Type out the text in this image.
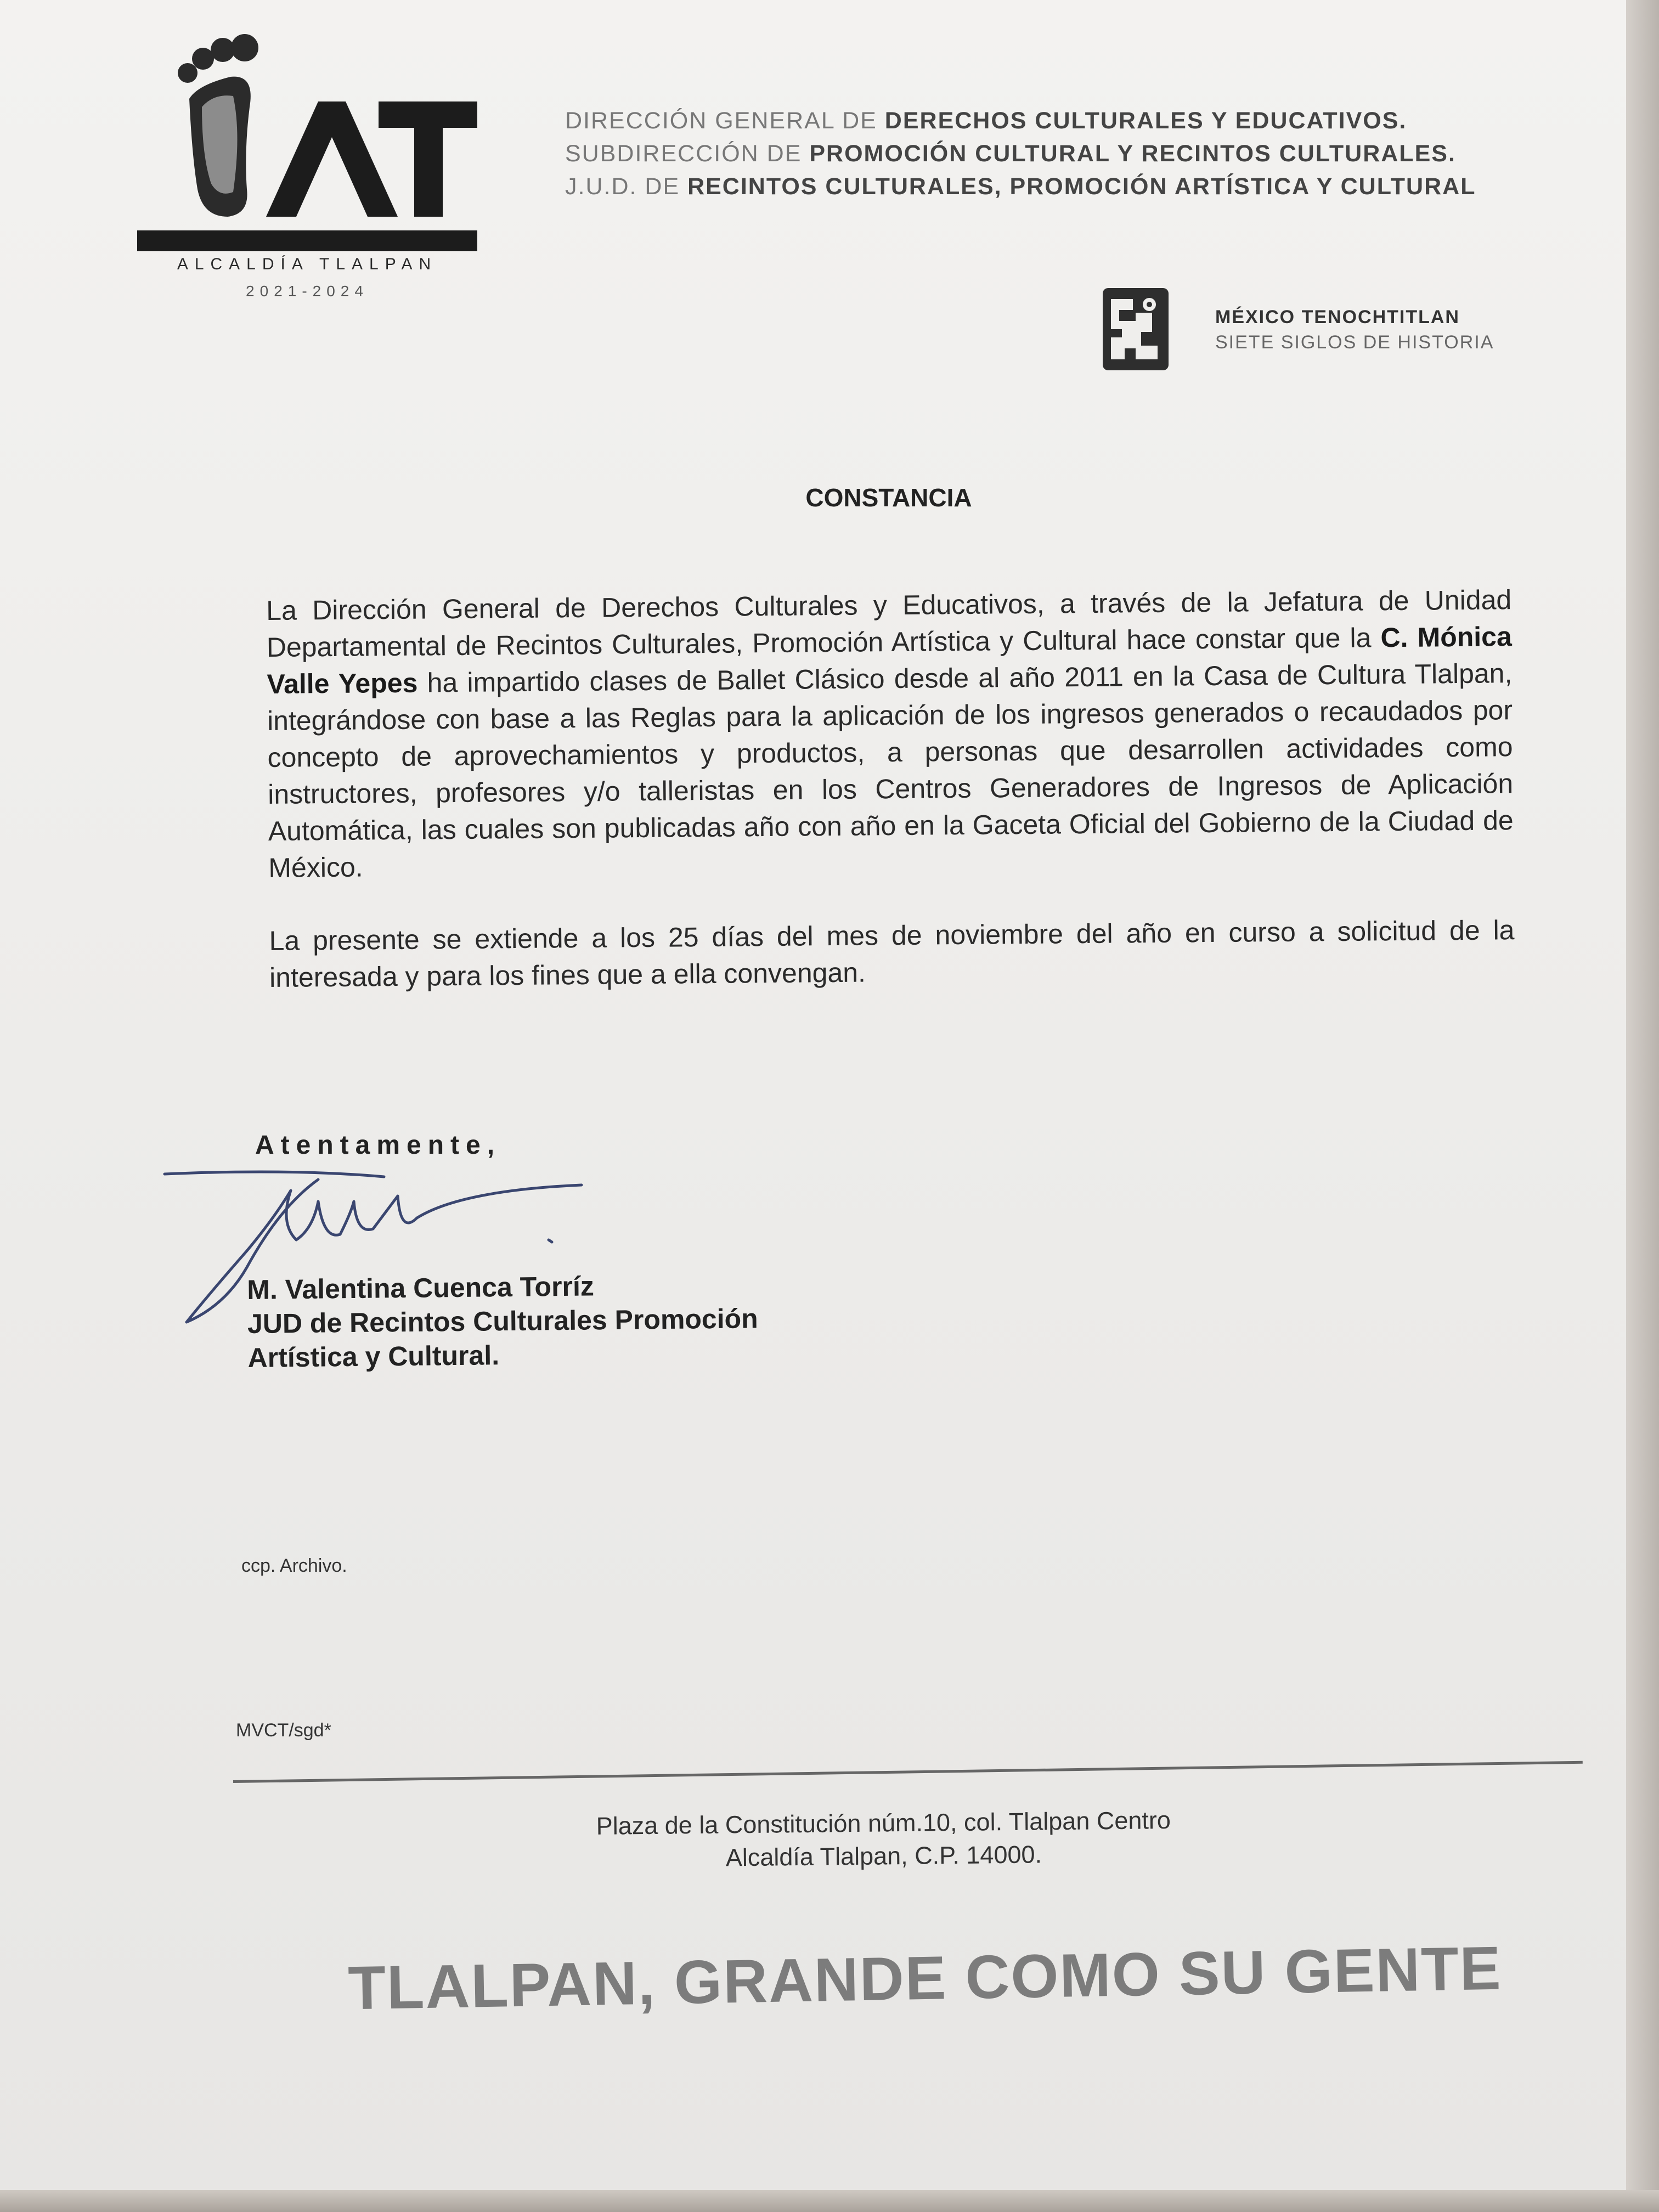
ALCALDÍA TLALPAN
2021-2024
DIRECCIÓN GENERAL DE DERECHOS CULTURALES Y EDUCATIVOS.
SUBDIRECCIÓN DE PROMOCIÓN CULTURAL Y RECINTOS CULTURALES.
J.U.D. DE RECINTOS CULTURALES, PROMOCIÓN ARTÍSTICA Y CULTURAL
MÉXICO TENOCHTITLAN
SIETE SIGLOS DE HISTORIA
CONSTANCIA

La Dirección General de Derechos Culturales y Educativos, a través de la Jefatura de Unidad Departamental de Recintos Culturales, Promoción Artística y Cultural hace constar que la C. Mónica Valle Yepes ha impartido clases de Ballet Clásico desde al año 2011 en la Casa de Cultura Tlalpan, integrándose con base a las Reglas para la aplicación de los ingresos generados o recaudados por concepto de aprovechamientos y productos, a personas que desarrollen actividades como instructores, profesores y/o talleristas en los Centros Generadores de Ingresos de Aplicación Automática, las cuales son publicadas año con año en la Gaceta Oficial del Gobierno de la Ciudad de México.

La presente se extiende a los 25 días del mes de noviembre del año en curso a solicitud de la interesada y para los fines que a ella convengan.

Atentamente,
M. Valentina Cuenca Torríz
JUD de Recintos Culturales Promoción
Artística y Cultural.
ccp. Archivo.
MVCT/sgd*
Plaza de la Constitución núm.10, col. Tlalpan Centro
Alcaldía Tlalpan, C.P. 14000.
TLALPAN, GRANDE COMO SU GENTE
